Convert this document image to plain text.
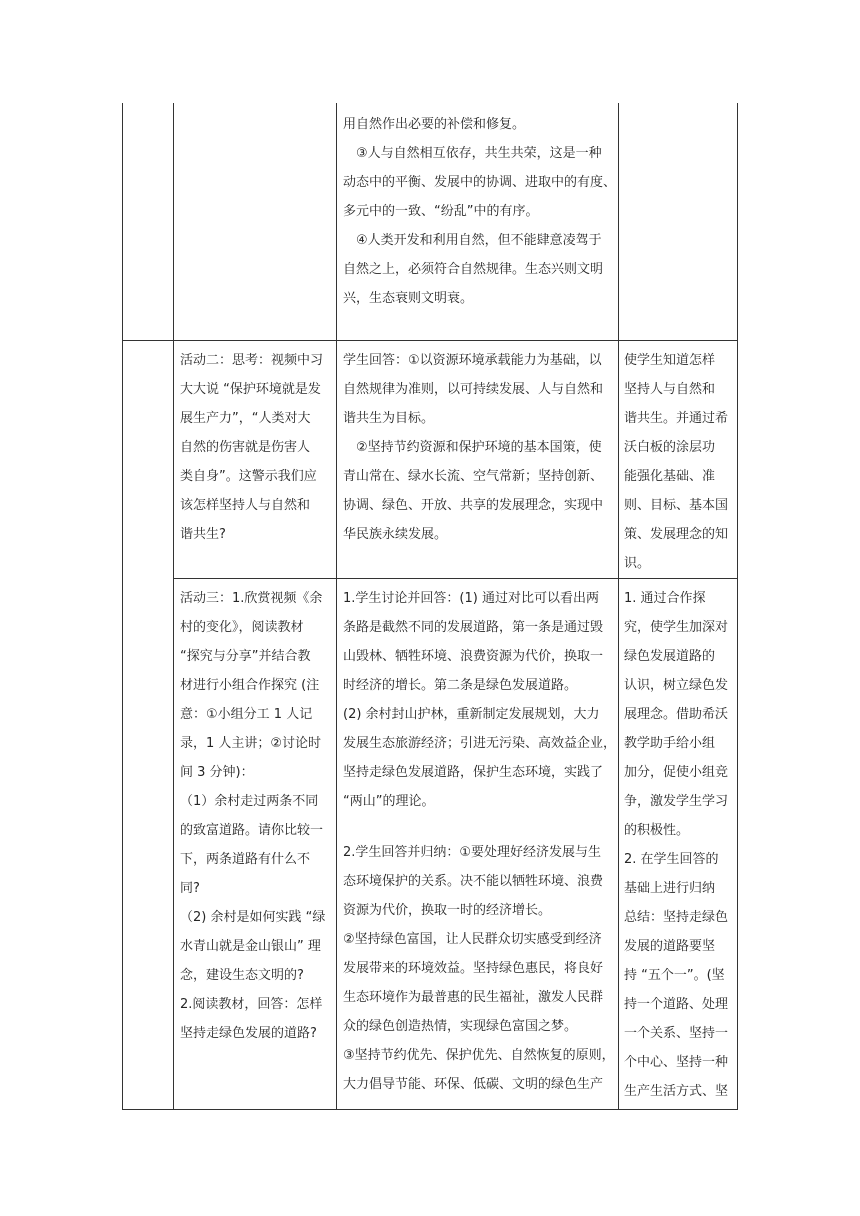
用自然作出必要的补偿和修复。

　③人与自然相互依存，共生共荣，这是一种

动态中的平衡、发展中的协调、进取中的有度、

多元中的一致、“纷乱”中的有序。

　④人类开发和利用自然，但不能肆意凌驾于

自然之上，必须符合自然规律。生态兴则文明

兴，生态衰则文明衰。

活动二：思考：视频中习

大大说 “保护环境就是发

展生产力”，“人类对大

自然的伤害就是伤害人

类自身”。这警示我们应

该怎样坚持人与自然和

谐共生?

学生回答：①以资源环境承载能力为基础，以

自然规律为准则，以可持续发展、人与自然和

谐共生为目标。

　②坚持节约资源和保护环境的基本国策，使

青山常在、绿水长流、空气常新；坚持创新、

协调、绿色、开放、共享的发展理念，实现中

华民族永续发展。

使学生知道怎样

坚持人与自然和

谐共生。并通过希

沃白板的涂层功

能强化基础、准

则、目标、基本国

策、发展理念的知

识。

活动三：1.欣赏视频《余

村的变化》，阅读教材

“探究与分享”并结合教

材进行小组合作探究 (注

意：①小组分工 1 人记

录，1 人主讲；②讨论时

间 3 分钟)：

（1）余村走过两条不同

的致富道路。请你比较一

下，两条道路有什么不

同?

（2) 余村是如何实践 “绿

水青山就是金山银山” 理

念，建设生态文明的?

2.阅读教材，回答：怎样

坚持走绿色发展的道路?

1.学生讨论并回答：(1) 通过对比可以看出两

条路是截然不同的发展道路，第一条是通过毁

山毁林、牺牲环境、浪费资源为代价，换取一

时经济的增长。第二条是绿色发展道路。

(2) 余村封山护林，重新制定发展规划，大力

发展生态旅游经济；引进无污染、高效益企业，

坚持走绿色发展道路，保护生态环境，实践了

“两山”的理论。

2.学生回答并归纳：①要处理好经济发展与生

态环境保护的关系。决不能以牺牲环境、浪费

资源为代价，换取一时的经济增长。

②坚持绿色富国，让人民群众切实感受到经济

发展带来的环境效益。坚持绿色惠民，将良好

生态环境作为最普惠的民生福祉，激发人民群

众的绿色创造热情，实现绿色富国之梦。

③坚持节约优先、保护优先、自然恢复的原则，

大力倡导节能、环保、低碳、文明的绿色生产

1. 通过合作探

究，使学生加深对

绿色发展道路的

认识，树立绿色发

展理念。借助希沃

教学助手给小组

加分，促使小组竞

争，激发学生学习

的积极性。

2. 在学生回答的

基础上进行归纳

总结：坚持走绿色

发展的道路要坚

持 “五个一”。(坚

持一个道路、处理

一个关系、坚持一

个中心、坚持一种

生产生活方式、坚
